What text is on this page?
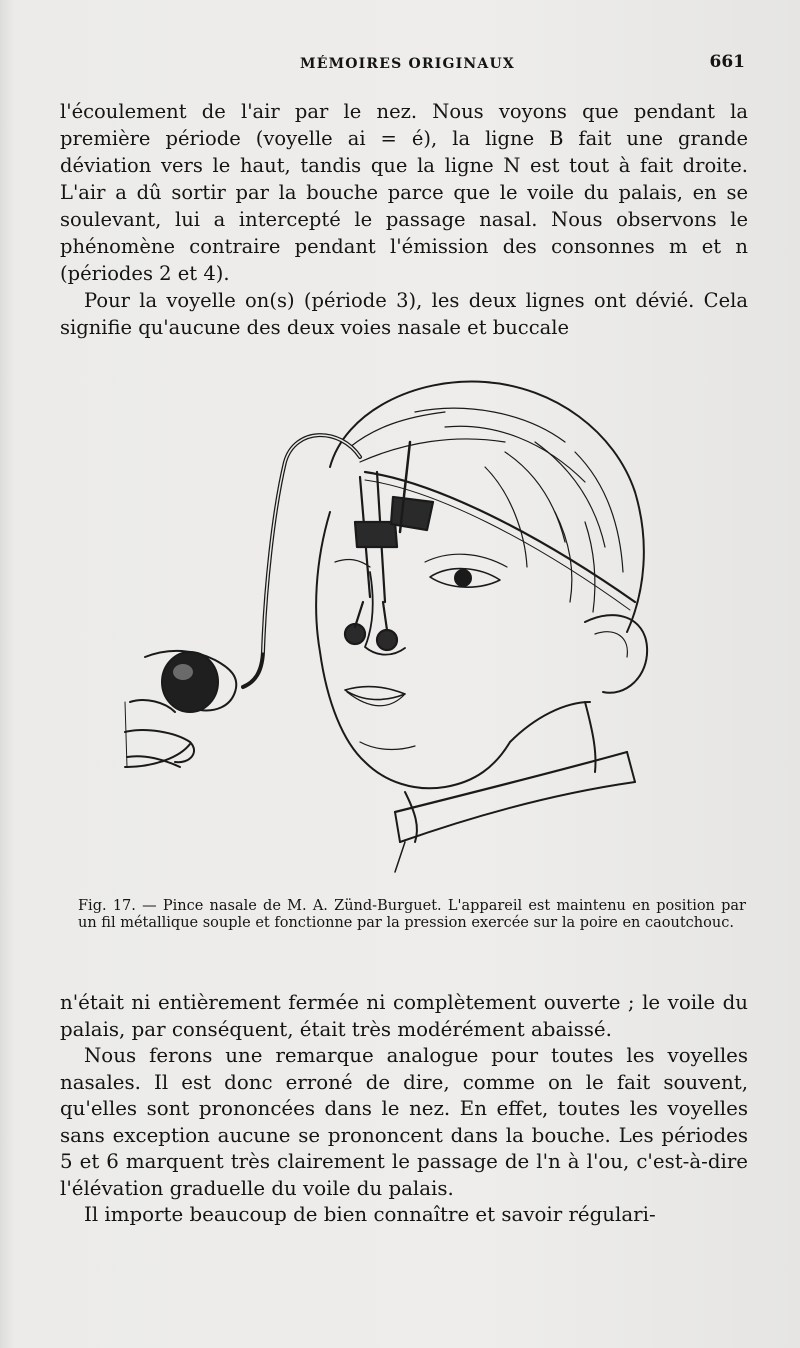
MÉMOIRES ORIGINAUX	661

l'écoulement de l'air par le nez. Nous voyons que pendant la première période (voyelle ai = é), la ligne B fait une grande déviation vers le haut, tandis que la ligne N est tout à fait droite. L'air a dû sortir par la bouche parce que le voile du palais, en se soulevant, lui a intercepté le passage nasal. Nous observons le phénomène contraire pendant l'émission des consonnes m et n (périodes 2 et 4).

Pour la voyelle on(s) (période 3), les deux lignes ont dévié. Cela signifie qu'aucune des deux voies nasale et buccale

Fig. 17. — Pince nasale de M. A. Zünd-Burguet. L'appareil est maintenu en position par un fil métallique souple et fonctionne par la pression exercée sur la poire en caoutchouc.

n'était ni entièrement fermée ni complètement ouverte ; le voile du palais, par conséquent, était très modérément abaissé.

Nous ferons une remarque analogue pour toutes les voyelles nasales. Il est donc erroné de dire, comme on le fait souvent, qu'elles sont prononcées dans le nez. En effet, toutes les voyelles sans exception aucune se prononcent dans la bouche. Les périodes 5 et 6 marquent très clairement le passage de l'n à l'ou, c'est-à-dire l'élévation graduelle du voile du palais.

Il importe beaucoup de bien connaître et savoir régulari-
